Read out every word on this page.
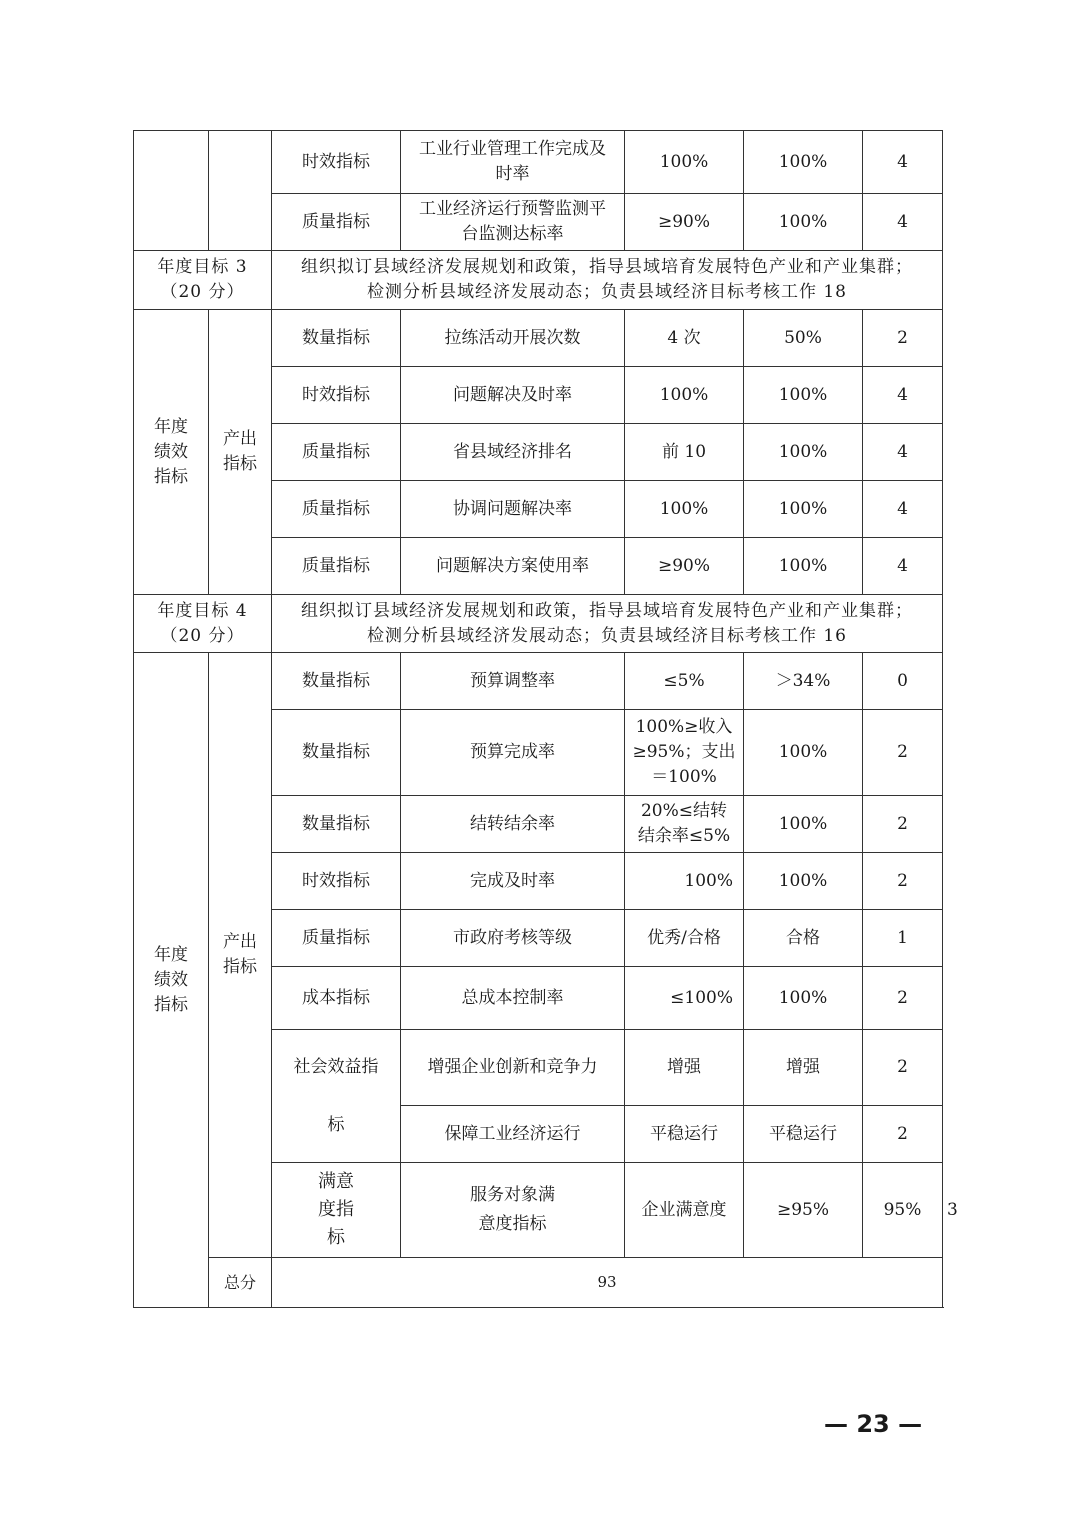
		时效指标	工业行业管理工作完成及
时率	100%	100%	4	
		质量指标	工业经济运行预警监测平
台监测达标率	≥90%	100%	4	

年度目标 3
（20 分）		组织拟订县域经济发展规划和政策，指导县域培育发展特色产业和产业集群；
检测分析县域经济发展动态；负责县域经济目标考核工作 18					

年度
绩效
指标	产出
指标	数量指标	拉练活动开展次数	4 次	50%	2	
		时效指标	问题解决及时率	100%	100%	4	
		质量指标	省县域经济排名	前 10	100%	4	
		质量指标	协调问题解决率	100%	100%	4	
		质量指标	问题解决方案使用率	≥90%	100%	4	

年度目标 4
（20 分）		组织拟订县域经济发展规划和政策，指导县域培育发展特色产业和产业集群；
检测分析县域经济发展动态；负责县域经济目标考核工作 16					

年度
绩效
指标	产出
指标	数量指标	预算调整率	≤5%	＞34%	0	
		数量指标	预算完成率	100%≥收入
≥95%；支出
＝100%	100%	2	
		数量指标	结转结余率	20%≤结转
结余率≤5%	100%	2	
		时效指标	完成及时率	100%	100%	2	
		质量指标	市政府考核等级	优秀/合格	合格	1	
		成本指标	总成本控制率	≤100%	100%	2	

		社会效益指
标	增强企业创新和竞争力	增强	增强	2	
			保障工业经济运行	平稳运行	平稳运行	2	

		满意
度指
标	服务对象满
意度指标	企业满意度	≥95%	95%	3
	总分	93					
— 23 —
